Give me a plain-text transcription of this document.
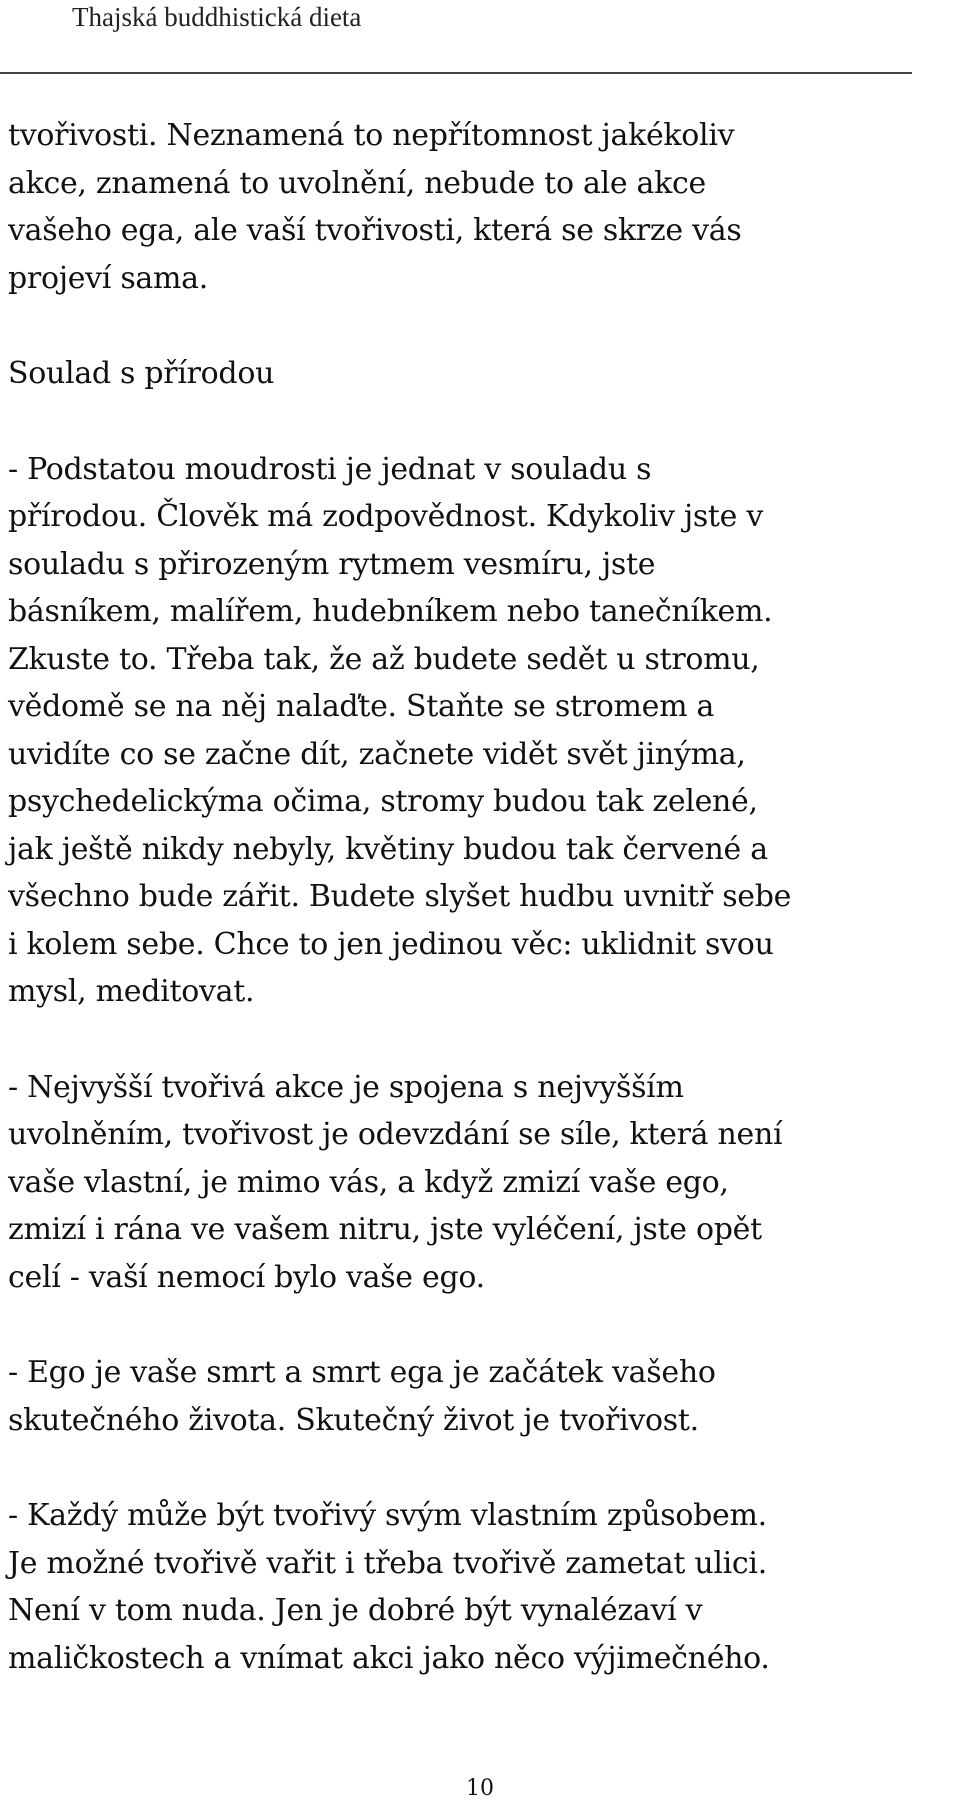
Thajská buddhistická dieta

tvořivosti. Neznamená to nepřítomnost jakékoliv
akce, znamená to uvolnění, nebude to ale akce
vašeho ega, ale vaší tvořivosti, která se skrze vás
projeví sama.

Soulad s přírodou

- Podstatou moudrosti je jednat v souladu s
přírodou. Člověk má zodpovědnost. Kdykoliv jste v
souladu s přirozeným rytmem vesmíru, jste
básníkem, malířem, hudebníkem nebo tanečníkem.
Zkuste to. Třeba tak, že až budete sedět u stromu,
vědomě se na něj nalaďte. Staňte se stromem a
uvidíte co se začne dít, začnete vidět svět jinýma,
psychedelickýma očima, stromy budou tak zelené,
jak ještě nikdy nebyly, květiny budou tak červené a
všechno bude zářit. Budete slyšet hudbu uvnitř sebe
i kolem sebe. Chce to jen jedinou věc: uklidnit svou
mysl, meditovat.

- Nejvyšší tvořivá akce je spojena s nejvyšším
uvolněním, tvořivost je odevzdání se síle, která není
vaše vlastní, je mimo vás, a když zmizí vaše ego,
zmizí i rána ve vašem nitru, jste vyléčení, jste opět
celí - vaší nemocí bylo vaše ego.

- Ego je vaše smrt a smrt ega je začátek vašeho
skutečného života. Skutečný život je tvořivost.

- Každý může být tvořivý svým vlastním způsobem.
Je možné tvořivě vařit i třeba tvořivě zametat ulici.
Není v tom nuda. Jen je dobré být vynalézaví v
maličkostech a vnímat akci jako něco výjimečného.

10
